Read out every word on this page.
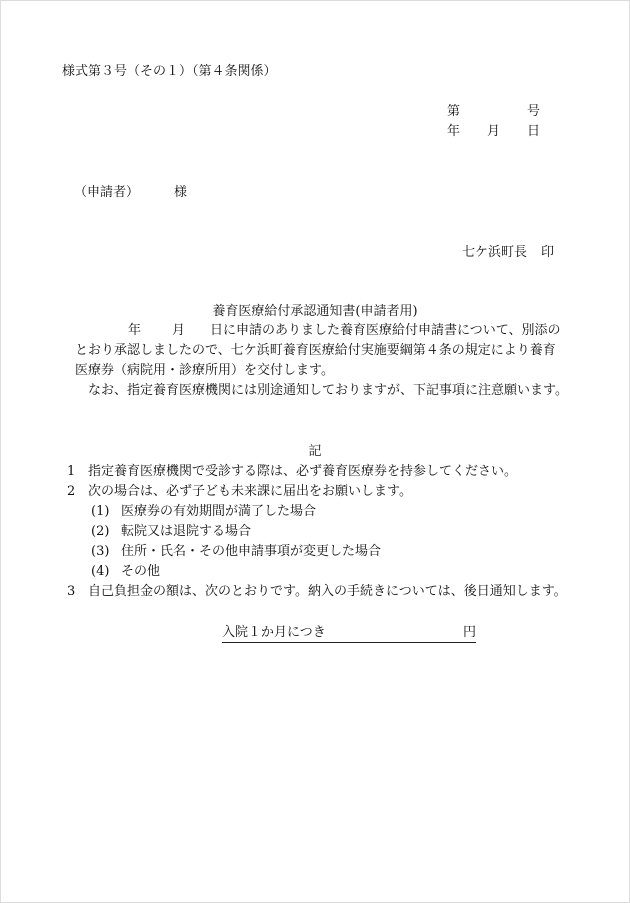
様式第３号（その１）（第４条関係）
第	号
年 月 日
（申請者）	様
七ケ浜町長 印
養育医療給付承認通知書(申請者用)
年 月 日に申請のありました養育医療給付申請書について、別添の
とおり承認しましたので、七ケ浜町養育医療給付実施要綱第４条の規定により養育
医療券（病院用・診療所用）を交付します。
なお、指定養育医療機関には別途通知しておりますが、下記事項に注意願います。
記
1 指定養育医療機関で受診する際は、必ず養育医療券を持参してください。
2 次の場合は、必ず子ども未来課に届出をお願いします。
(1) 医療券の有効期間が満了した場合
(2) 転院又は退院する場合
(3) 住所・氏名・その他申請事項が変更した場合
(4) その他
3 自己負担金の額は、次のとおりです。納入の手続きについては、後日通知します。
入院１か月につき	円
